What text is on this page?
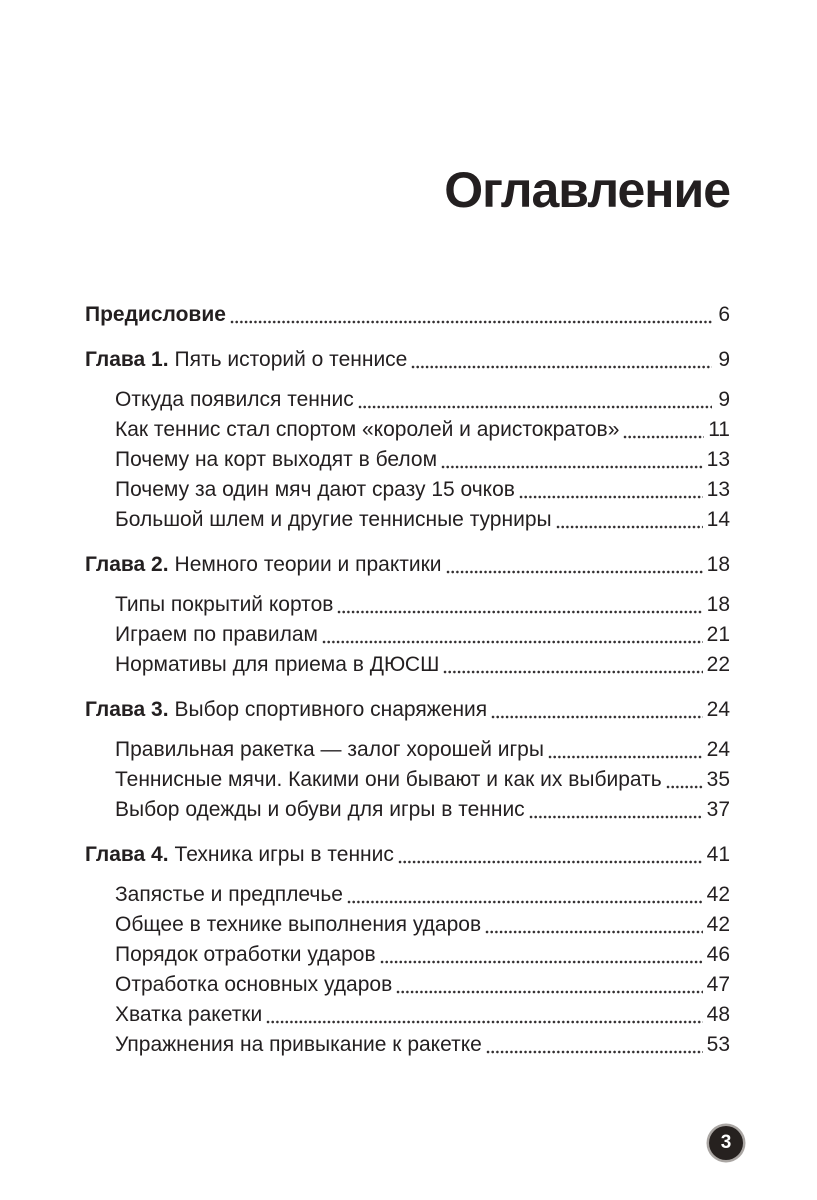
Оглавление
Предисловие	6
Глава 1. Пять историй о теннисе	9
Откуда появился теннис	9
Как теннис стал спортом «королей и аристократов»	11
Почему на корт выходят в белом	13
Почему за один мяч дают сразу 15 очков	13
Большой шлем и другие теннисные турниры	14
Глава 2. Немного теории и практики	18
Типы покрытий кортов	18
Играем по правилам	21
Нормативы для приема в ДЮСШ	22
Глава 3. Выбор спортивного снаряжения	24
Правильная ракетка — залог хорошей игры	24
Теннисные мячи. Какими они бывают и как их выбирать 35
Выбор одежды и обуви для игры в теннис	37
Глава 4. Техника игры в теннис	41
Запястье и предплечье	42
Общее в технике выполнения ударов	42
Порядок отработки ударов	46
Отработка основных ударов	47
Хватка ракетки	48
Упражнения на привыкание к ракетке	53
3
